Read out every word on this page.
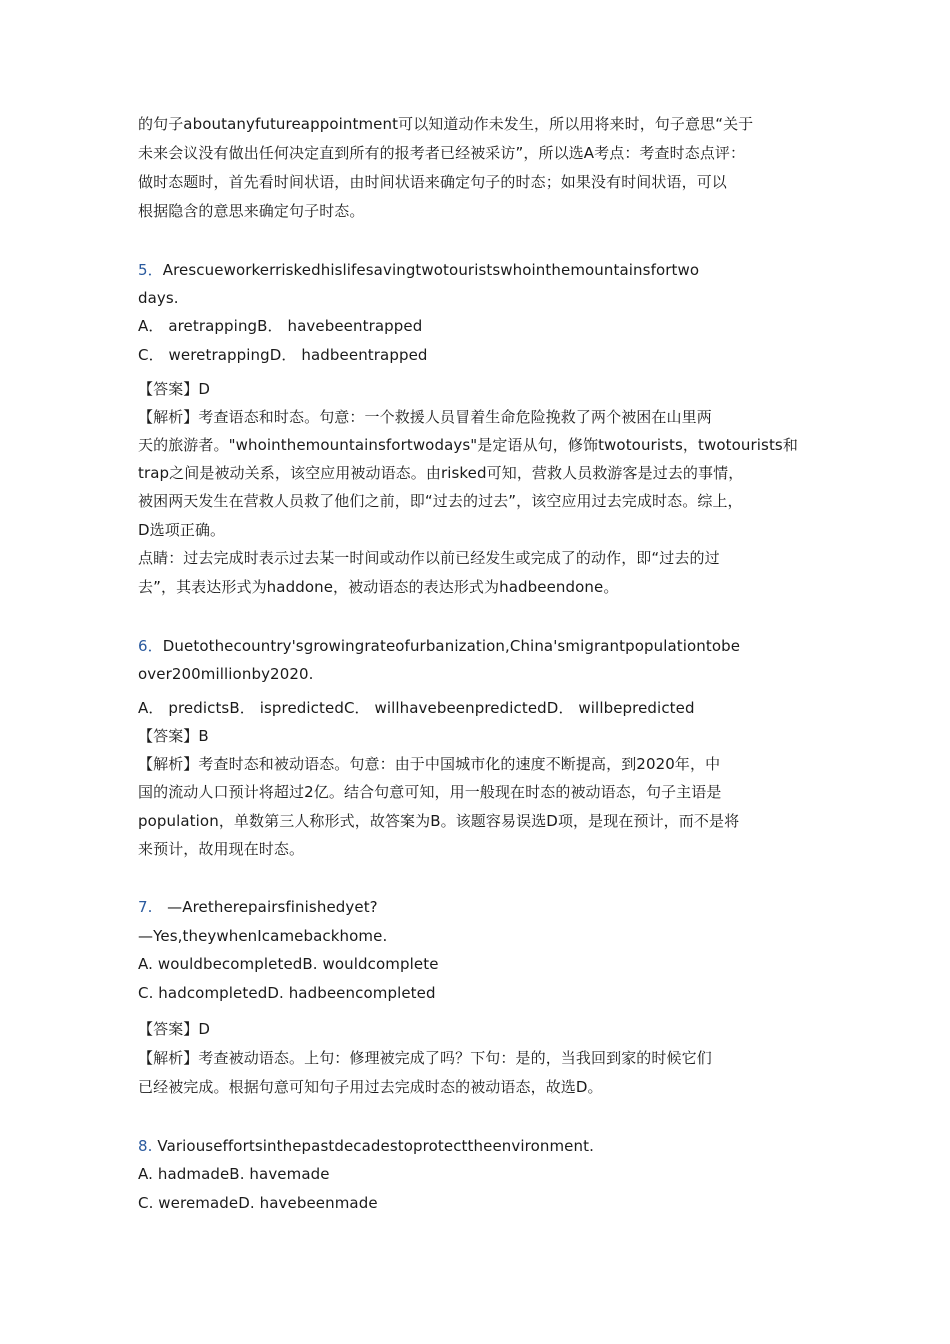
的句子aboutanyfutureappointment可以知道动作未发生，所以用将来时，句子意思“关于
未来会议没有做出任何决定直到所有的报考者已经被采访”，所以选A考点：考查时态点评：
做时态题时，首先看时间状语，由时间状语来确定句子的时态；如果没有时间状语，可以
根据隐含的意思来确定句子时态。
5．Arescueworkerriskedhislifesavingtwotouristswhointhemountainsfortwo
days.
A． aretrappingB． havebeentrapped
C． weretrappingD． hadbeentrapped
【答案】D
【解析】考查语态和时态。句意：一个救援人员冒着生命危险挽救了两个被困在山里两
天的旅游者。"whointhemountainsfortwodays"是定语从句，修饰twotourists，twotourists和
trap之间是被动关系，该空应用被动语态。由risked可知，营救人员救游客是过去的事情，
被困两天发生在营救人员救了他们之前，即“过去的过去”，该空应用过去完成时态。综上，
D选项正确。
点睛：过去完成时表示过去某一时间或动作以前已经发生或完成了的动作，即“过去的过
去”，其表达形式为haddone，被动语态的表达形式为hadbeendone。
6．Duetothecountry'sgrowingrateofurbanization,China'smigrantpopulationtobe
over200millionby2020.
A． predictsB． ispredictedC． willhavebeenpredictedD． willbepredicted
【答案】B
【解析】考查时态和被动语态。句意：由于中国城市化的速度不断提高，到2020年，中
国的流动人口预计将超过2亿。结合句意可知，用一般现在时态的被动语态，句子主语是
population，单数第三人称形式，故答案为B。该题容易误选D项，是现在预计，而不是将
来预计，故用现在时态。
7. —Aretherepairsfinishedyet?
—Yes,theywhenIcamebackhome.
A. wouldbecompletedB. wouldcomplete
C. hadcompletedD. hadbeencompleted
【答案】D
【解析】考查被动语态。上句：修理被完成了吗？下句：是的，当我回到家的时候它们
已经被完成。根据句意可知句子用过去完成时态的被动语态，故选D。
8. Variouseffortsinthepastdecadestoprotecttheenvironment.
A. hadmadeB. havemade
C. weremadeD. havebeenmade
